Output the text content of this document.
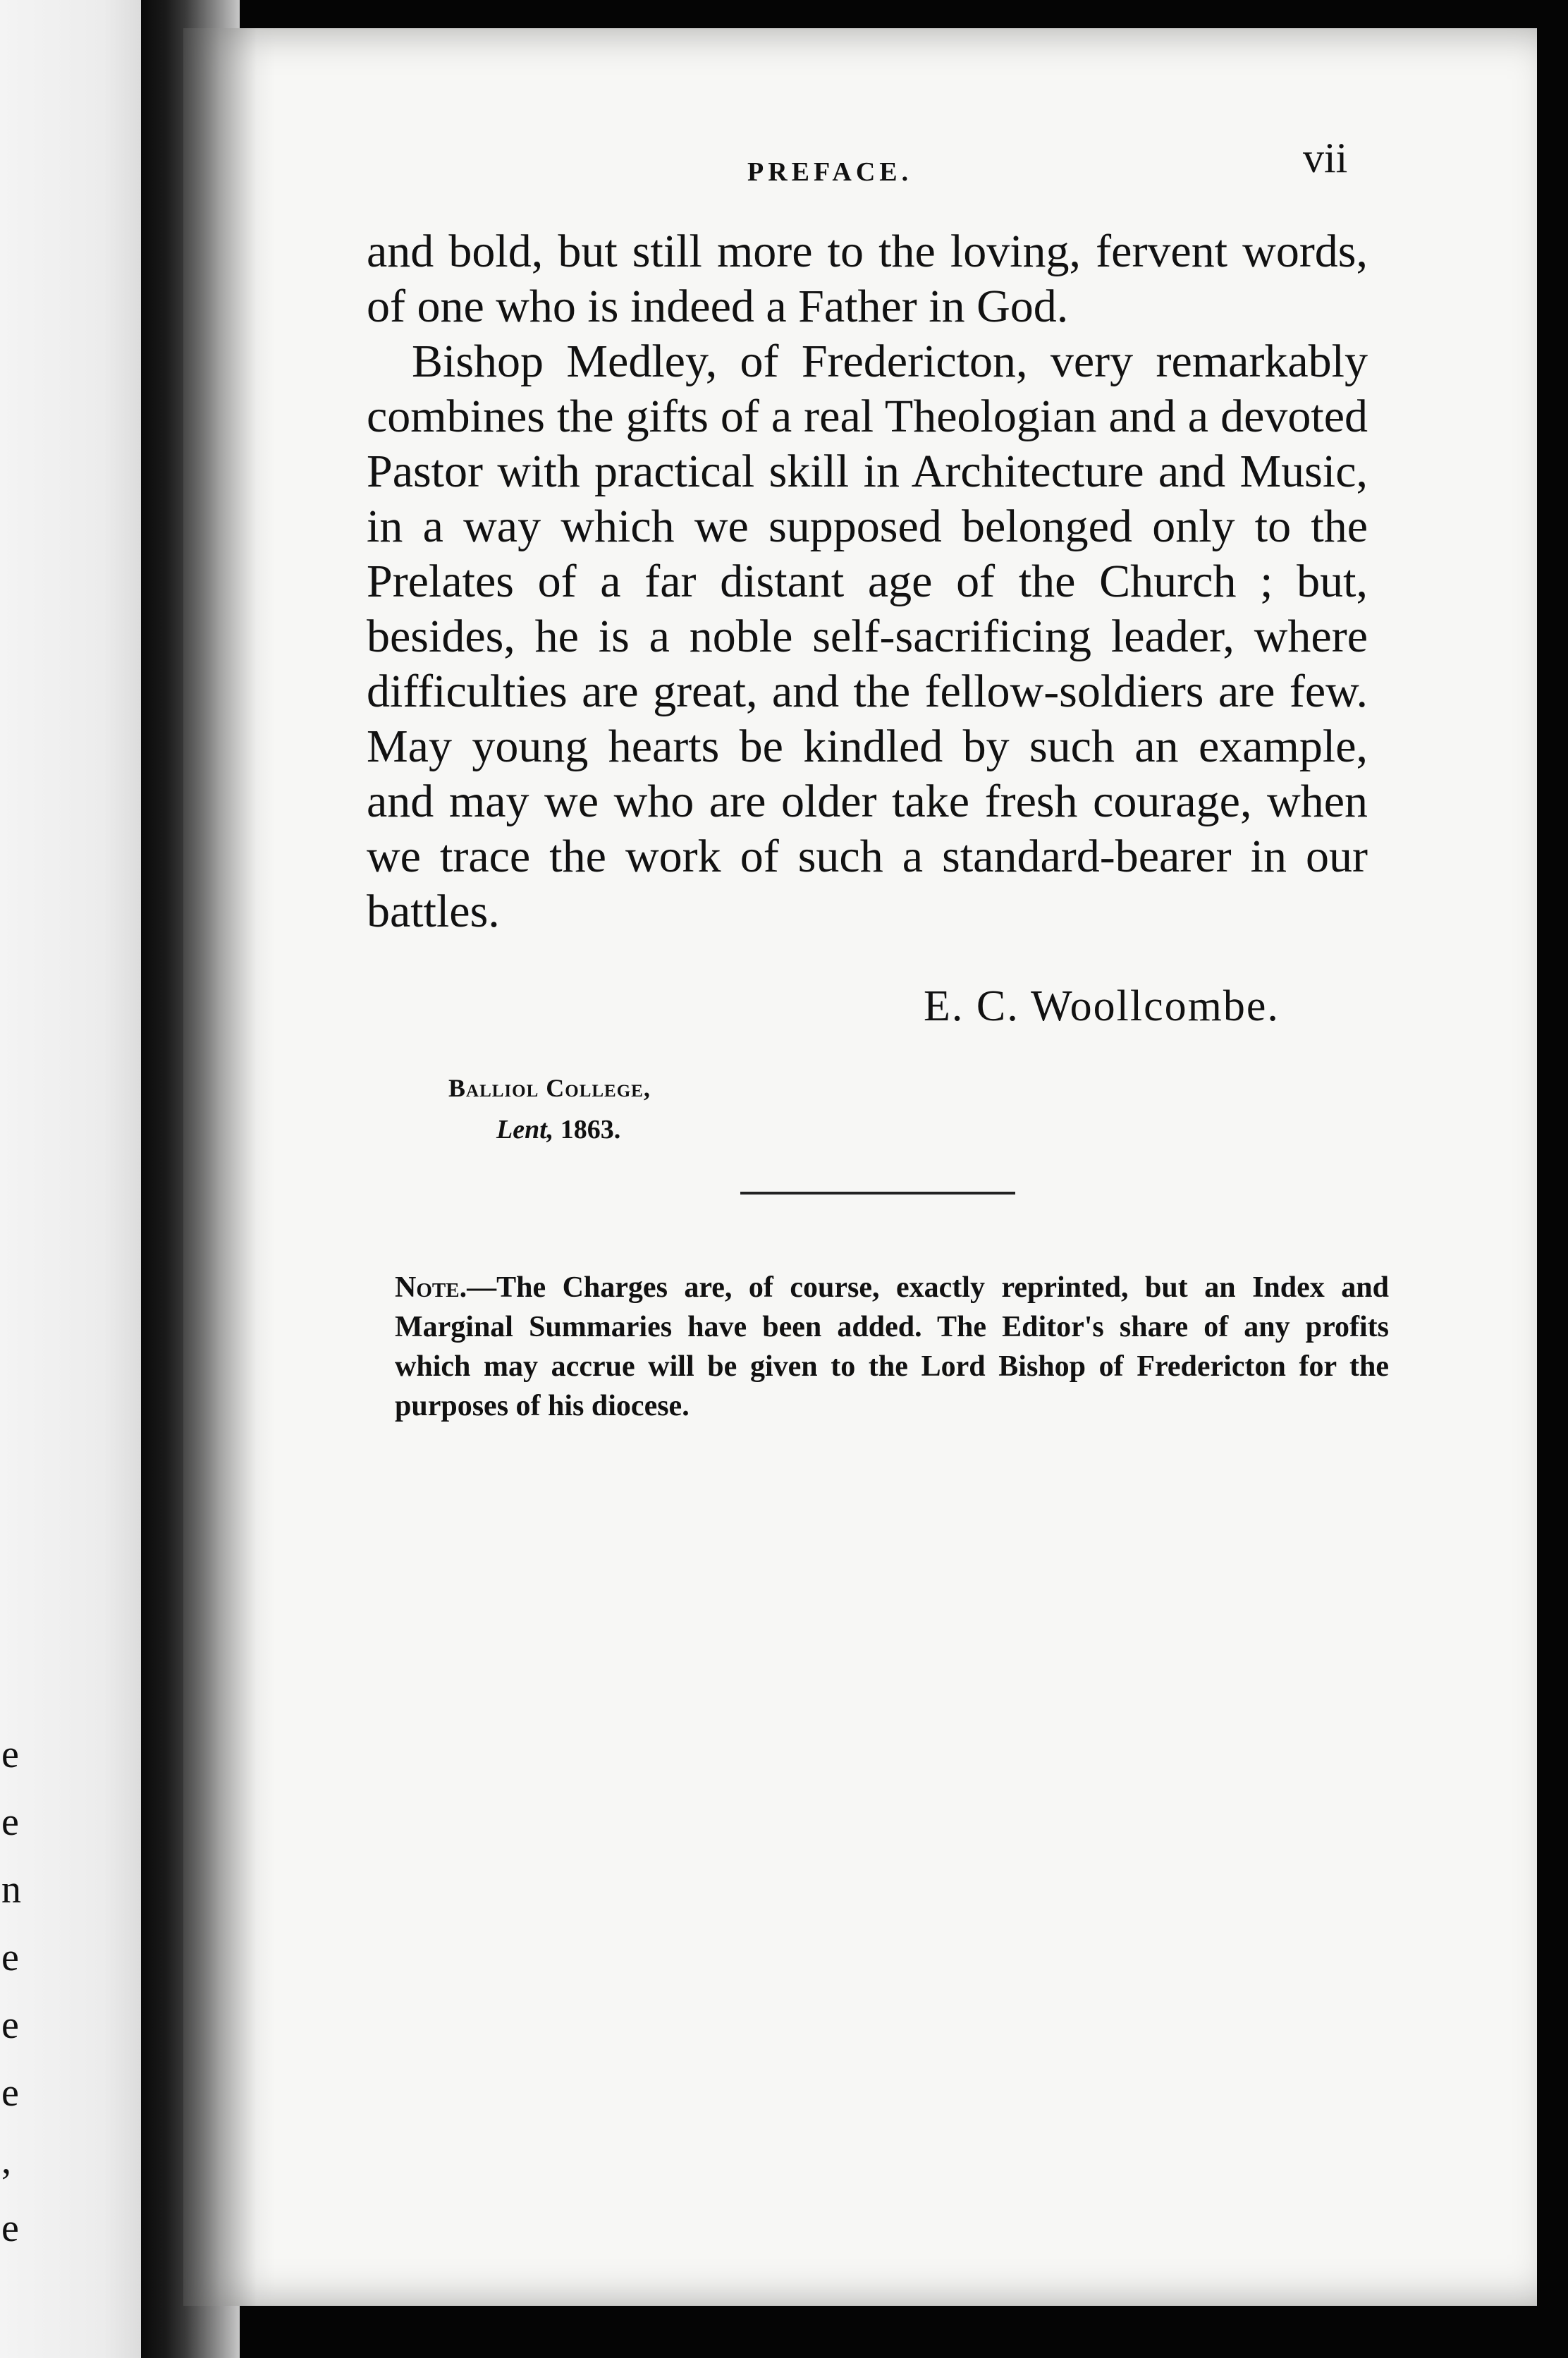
e
e
n
e
e
e
,
e
PREFACE.	vii

and bold, but still more to the loving, fervent words, of one who is indeed a Father in God.

Bishop Medley, of Fredericton, very remarkably combines the gifts of a real Theologian and a devoted Pastor with practical skill in Architecture and Music, in a way which we supposed belonged only to the Prelates of a far distant age of the Church ; but, besides, he is a noble self-sacrificing leader, where difficulties are great, and the fellow-soldiers are few. May young hearts be kindled by such an example, and may we who are older take fresh courage, when we trace the work of such a standard-bearer in our battles.

E. C. Woollcombe.
Balliol College,
Lent, 1863.
Note.—The Charges are, of course, exactly reprinted, but an Index and Marginal Summaries have been added. The Editor's share of any profits which may accrue will be given to the Lord Bishop of Fredericton for the purposes of his diocese.
